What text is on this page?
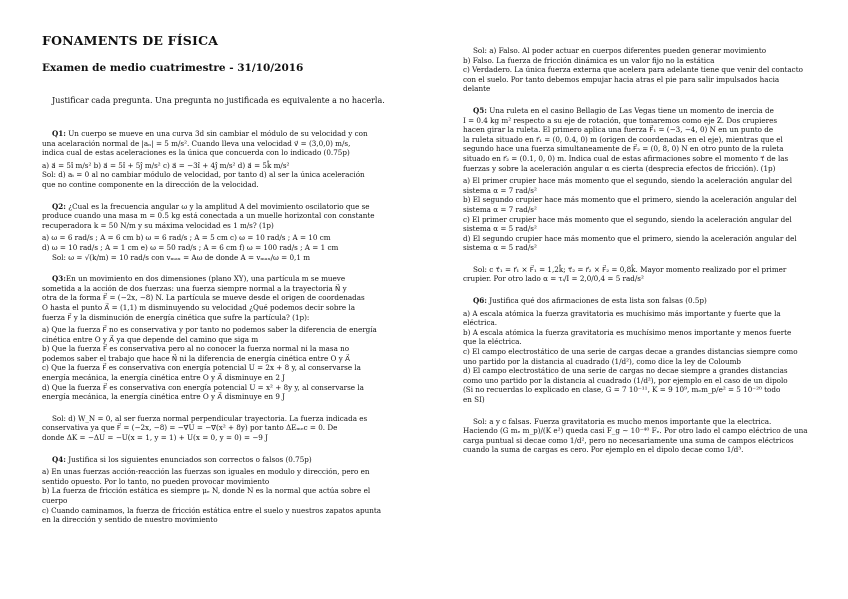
FONAMENTS DE FÍSICA
Examen de medio cuatrimestre - 31/10/2016

Justificar cada pregunta. Una pregunta no justificada es equivalente a no hacerla.

Q1: Un cuerpo se mueve en una curva 3d sin cambiar el módulo de su velocidad y con

una acelaración normal de |aₙ| = 5 m/s². Cuando lleva una velocidad v⃗ = (3,0,0) m/s,

indica cual de estas aceleraciones es la única que concuerda con lo indicado (0.75p)

a) a⃗ = 5ı̂ m/s² b) a⃗ = 5ı̂ + 5ȷ̂ m/s² c) a⃗ = −3ı̂ + 4ȷ̂ m/s² d) a⃗ = 5k̂ m/s²

Sol: d) aₜ = 0 al no cambiar módulo de velocidad, por tanto d) al ser la única aceleración

que no contine componente en la dirección de la velocidad.

Q2: ¿Cual es la frecuencia angular ω y la amplitud A del movimiento oscilatorio que se

produce cuando una masa m = 0.5 kg está conectada a un muelle horizontal con constante

recuperadora k = 50 N/m y su máxima velocidad es 1 m/s? (1p)

a) ω = 6 rad/s ; A = 6 cm b) ω = 6 rad/s ; A = 5 cm c) ω = 10 rad/s ; A = 10 cm

d) ω = 10 rad/s ; A = 1 cm e) ω = 50 rad/s ; A = 6 cm f) ω = 100 rad/s ; A = 1 cm

Sol: ω = √(k/m) = 10 rad/s con vₘₐₓ = Aω de donde A = vₘₐₓ/ω = 0,1 m

Q3:En un movimiento en dos dimensiones (plano XY), una partícula m se mueve

sometida a la acción de dos fuerzas: una fuerza siempre normal a la trayectoria N⃗ y

otra de la forma F⃗ = (−2x, −8) N. La partícula se mueve desde el origen de coordenadas

O hasta el punto A⃗ = (1,1) m disminuyendo su velocidad ¿Qué podemos decir sobre la

fuerza F⃗ y la disminución de energía cinética que sufre la partícula? (1p):

a) Que la fuerza F⃗ no es conservativa y por tanto no podemos saber la diferencia de energía

cinética entre O y A⃗ ya que depende del camino que siga m

b) Que la fuerza F⃗ es conservativa pero al no conocer la fuerza normal ni la masa no

podemos saber el trabajo que hace N⃗ ni la diferencia de energía cinética entre O y A⃗

c) Que la fuerza F⃗ es conservativa con energía potencial U = 2x + 8 y, al conservarse la

energía mecánica, la energía cinética entre O y A⃗ disminuye en 2 J

d) Que la fuerza F⃗ es conservativa con energía potencial U = x² + 8y y, al conservarse la

energía mecánica, la energía cinética entre O y A⃗ disminuye en 9 J

Sol: d) W_N = 0, al ser fuerza normal perpendicular trayectoria. La fuerza indicada es

conservativa ya que F⃗ = (−2x, −8) = −∇⃗U = −∇⃗(x² + 8y) por tanto ΔEₘₑc = 0. De

donde ΔK = −ΔU = −U(x = 1, y = 1) + U(x = 0, y = 0) = −9 J

Q4: Justifica si los siguientes enunciados son correctos o falsos (0.75p)

a) En unas fuerzas acción-reacción las fuerzas son iguales en modulo y dirección, pero en

sentido opuesto. Por lo tanto, no pueden provocar movimiento

b) La fuerza de fricción estática es siempre μₑ N, donde N es la normal que actúa sobre el

cuerpo

c) Cuando caminamos, la fuerza de fricción estática entre el suelo y nuestros zapatos apunta

en la dirección y sentido de nuestro movimiento

Sol: a) Falso. Al poder actuar en cuerpos diferentes pueden generar movimiento

b) Falso. La fuerza de fricción dinámica es un valor fijo no la estática

c) Verdadero. La única fuerza externa que acelera para adelante tiene que venir del contacto

con el suelo. Por tanto debemos empujar hacia atras el pie para salir impulsados hacia

delante

Q5: Una ruleta en el casino Bellagio de Las Vegas tiene un momento de inercia de

I = 0.4 kg m² respecto a su eje de rotación, que tomaremos como eje Z. Dos crupieres

hacen girar la ruleta. El primero aplica una fuerza F⃗₁ = (−3, −4, 0) N en un punto de

la ruleta situado en r⃗₁ = (0, 0.4, 0) m (origen de coordenadas en el eje), mientras que el

segundo hace una fuerza simultaneamente de F⃗₂ = (0, 8, 0) N en otro punto de la ruleta

situado en r⃗₂ = (0.1, 0, 0) m. Indica cual de estas afirmaciones sobre el momento τ⃗ de las

fuerzas y sobre la aceleración angular α es cierta (desprecia efectos de fricción). (1p)

a) El primer crupier hace más momento que el segundo, siendo la aceleración angular del

sistema α = 7 rad/s²

b) El segundo crupier hace más momento que el primero, siendo la aceleración angular del

sistema α = 7 rad/s²

c) El primer crupier hace más momento que el segundo, siendo la aceleración angular del

sistema α = 5 rad/s²

d) El segundo crupier hace más momento que el primero, siendo la aceleración angular del

sistema α = 5 rad/s²

Sol: c τ⃗₁ = r⃗₁ × F⃗₁ = 1,2k̂; τ⃗₂ = r⃗₂ × F⃗₂ = 0,8k̂. Mayor momento realizado por el primer

crupier. Por otro lado α = τᵢ/I = 2,0/0,4 = 5 rad/s²

Q6: Justifica qué dos afirmaciones de esta lista son falsas (0.5p)

a) A escala atómica la fuerza gravitatoria es muchísimo más importante y fuerte que la

eléctrica.

b) A escala atómica la fuerza gravitatoria es muchísimo menos importante y menos fuerte

que la eléctrica.

c) El campo electrostático de una serie de cargas decae a grandes distancias siempre como

uno partido por la distancia al cuadrado (1/d²), como dice la ley de Coloumb

d) El campo electrostático de una serie de cargas no decae siempre a grandes distancias

como uno partido por la distancia al cuadrado (1/d²), por ejemplo en el caso de un dipolo

(Si no recuerdas lo explicado en clase, G = 7 10⁻¹¹, K = 9 10⁹, mₑm_p/e² = 5 10⁻²⁰ todo

en SI)

Sol: a y c falsas. Fuerza gravitatoria es mucho menos importante que la electrica.

Haciendo (G mₑ m_p)/(K e²) queda casi F_g ∼ 10⁻⁴⁰ Fₑ. Por otro lado el campo eléctrico de una

carga puntual si decae como 1/d², pero no necesariamente una suma de campos eléctricos

cuando la suma de cargas es cero. Por ejemplo en el dipolo decae como 1/d³.
